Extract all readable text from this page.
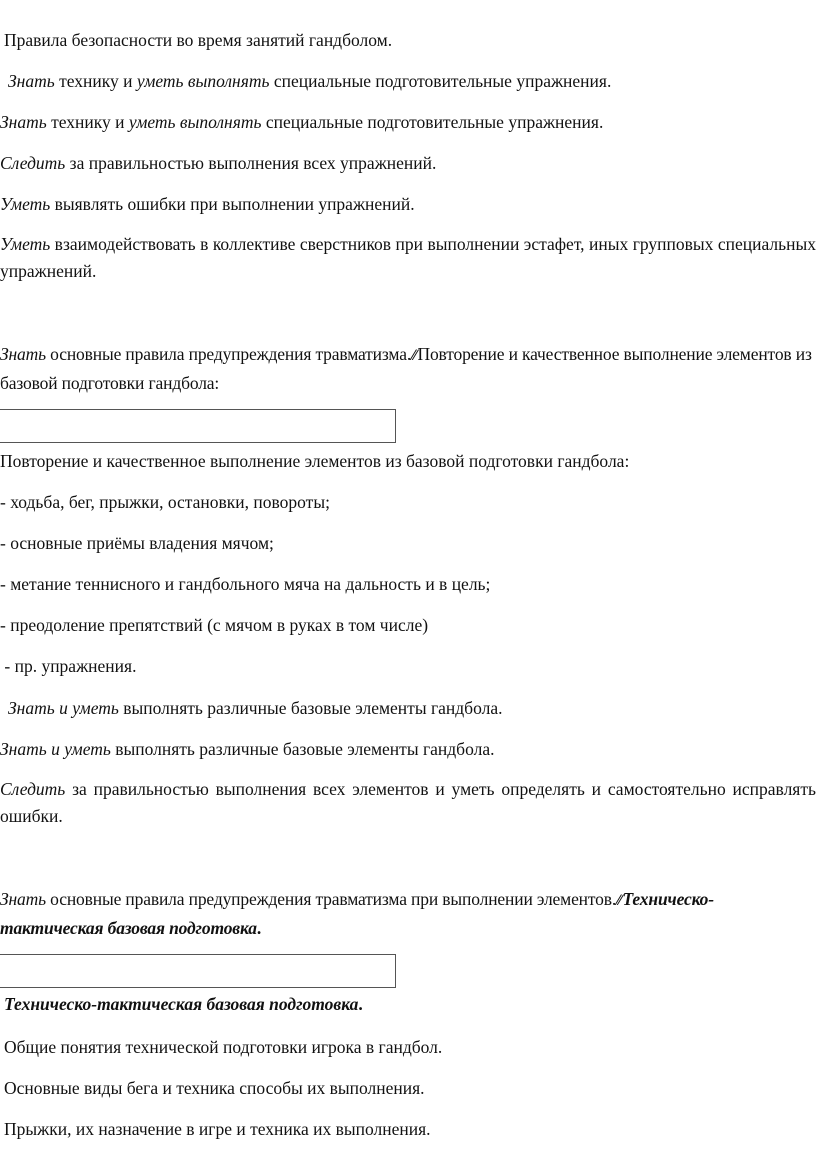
Правила безопасности во время занятий гандболом.
Знать технику и уметь выполнять специальные подготовительные упражнения.
Знать технику и уметь выполнять специальные подготовительные упражнения.
Следить за правильностью выполнения всех упражнений.
Уметь выявлять ошибки при выполнении упражнений.
Уметь взаимодействовать в коллективе сверстников при выполнении эстафет, иных групповых специальных упражнений.
Знать основные правила предупреждения травматизма.⁄⁄Повторение и качественное выполнение элементов из базовой подготовки гандбола:
Повторение и качественное выполнение элементов из базовой подготовки гандбола:
- ходьба, бег, прыжки, остановки, повороты;
- основные приёмы владения мячом;
- метание теннисного и гандбольного мяча на дальность и в цель;
- преодоление препятствий (с мячом в руках в том числе)
- пр. упражнения.
Знать и уметь выполнять различные базовые элементы гандбола.
Знать и уметь выполнять различные базовые элементы гандбола.
Следить за правильностью выполнения всех элементов и уметь определять и самостоятельно исправлять ошибки.
Знать основные правила предупреждения травматизма при выполнении элементов.⁄⁄Техническо-тактическая базовая подготовка.
Техническо-тактическая базовая подготовка.
Общие понятия технической подготовки игрока в гандбол.
Основные виды бега и техника способы их выполнения.
Прыжки, их назначение в игре и техника их выполнения.
